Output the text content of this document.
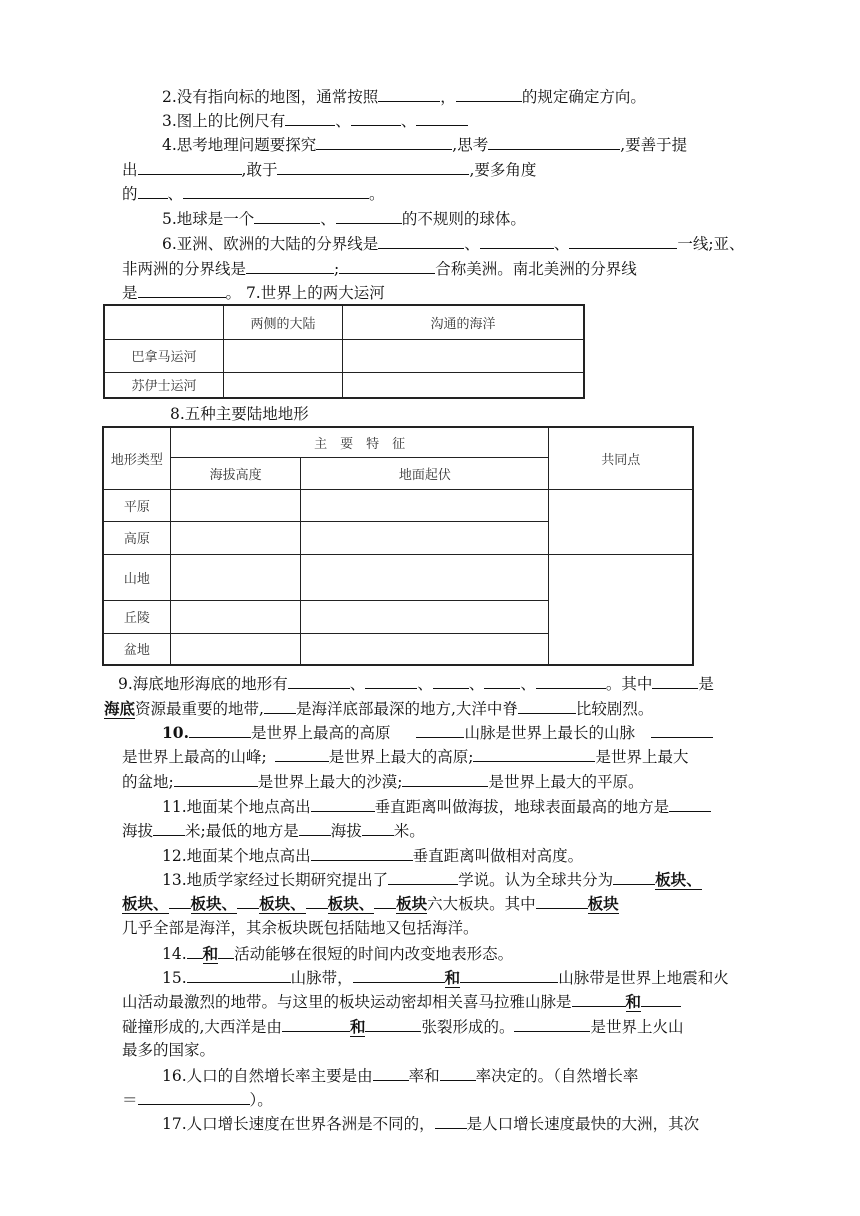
2.没有指向标的地图，通常按照	，	的规定确定方向。
3.图上的比例尺有	、	、
4.思考地理问题要探究	,思考	,要善于提
出	,敢于	,要多角度
的 、	。
5.地球是一个	、	的不规则的球体。
6.亚洲、欧洲的大陆的分界线是	、	、	一线;亚、
非两洲的分界线是	;	合称美洲。南北美洲的分界线
是	。 7.世界上的两大运河
	两侧的大陆	沟通的海洋
巴拿马运河		
苏伊士运河		
8.五种主要陆地地形
地形类型	主　要　特　征		共同点
	海拔高度	地面起伏	
平原			
高原			
山地			
丘陵			
盆地			
9.海底地形海底的地形有	、	、 、 、	。其中	是
海底资源最重要的地带, 是海洋底部最深的地方,大洋中脊	比较剧烈。
10.	是世界上最高的高原	山脉是世界上最长的山脉
是世界上最高的山峰;	是世界上最大的高原;	是世界上最大
的盆地;	是世界上最大的沙漠;	是世界上最大的平原。
11.地面某个地点高出	垂直距离叫做海拔，地球表面最高的地方是
海拔 米;最低的地方是 海拔 米。
12.地面某个地点高出	垂直距离叫做相对高度。
13.地质学家经过长期研究提出了	学说。认为全球共分为	板块、
板块、 板块、 板块、 板块、 板块六大板块。其中	板块
几乎全部是海洋，其余板块既包括陆地又包括海洋。
14. 和 活动能够在很短的时间内改变地表形态。
15.	山脉带，	和	山脉带是世界上地震和火
山活动最激烈的地带。与这里的板块运动密却相关喜马拉雅山脉是	和
碰撞形成的,大西洋是由	和	张裂形成的。	是世界上火山
最多的国家。
16.人口的自然增长率主要是由 率和 率决定的。（自然增长率
＝	）。
17.人口增长速度在世界各洲是不同的， 是人口增长速度最快的大洲，其次
